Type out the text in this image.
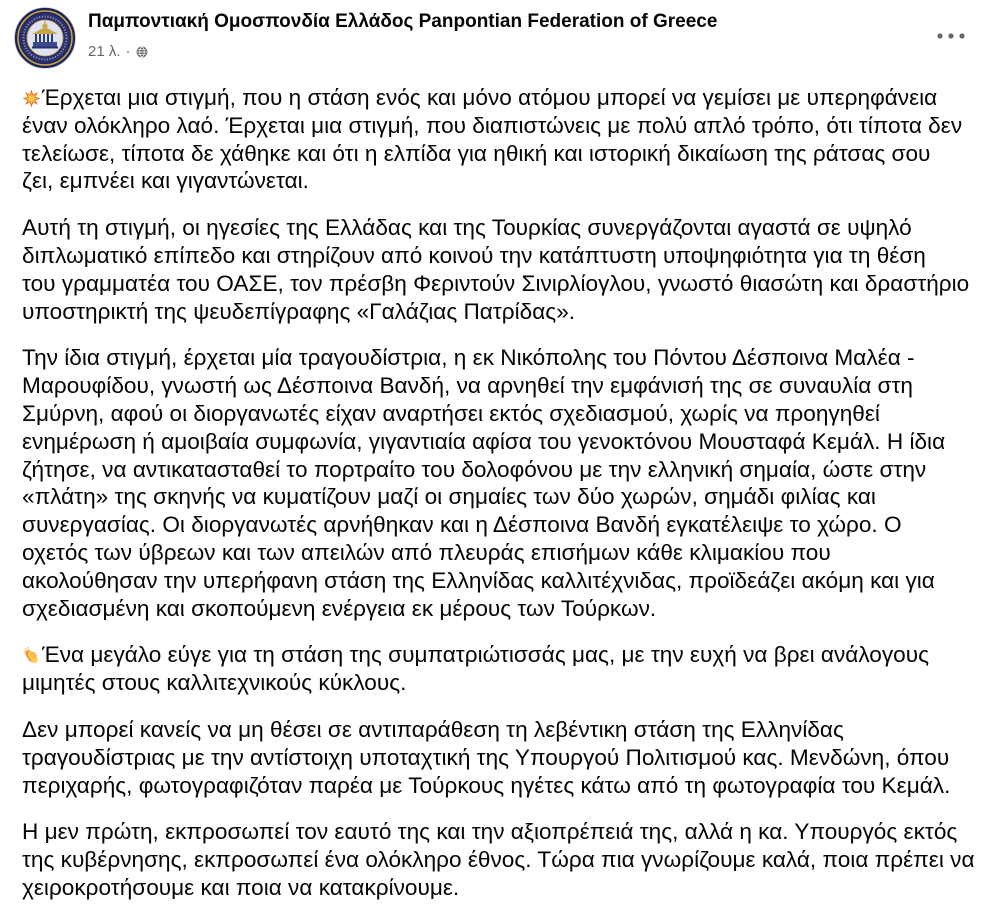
Παμποντιακή Ομοσπονδία Ελλάδος Panpontian Federation of Greece
21 λ. ·
Έρχεται μια στιγμή, που η στάση ενός και μόνο ατόμου μπορεί να γεμίσει με υπερηφάνεια
έναν ολόκληρο λαό. Έρχεται μια στιγμή, που διαπιστώνεις με πολύ απλό τρόπο, ότι τίποτα δεν
τελείωσε, τίποτα δε χάθηκε και ότι η ελπίδα για ηθική και ιστορική δικαίωση της ράτσας σου
ζει, εμπνέει και γιγαντώνεται.
Αυτή τη στιγμή, οι ηγεσίες της Ελλάδας και της Τουρκίας συνεργάζονται αγαστά σε υψηλό
διπλωματικό επίπεδο και στηρίζουν από κοινού την κατάπτυστη υποψηφιότητα για τη θέση
του γραμματέα του ΟΑΣΕ, τον πρέσβη Φεριντούν Σινιρλίογλου, γνωστό θιασώτη και δραστήριο
υποστηρικτή της ψευδεπίγραφης «Γαλάζιας Πατρίδας».
Την ίδια στιγμή, έρχεται μία τραγουδίστρια, η εκ Νικόπολης του Πόντου Δέσποινα Μαλέα -
Μαρουφίδου, γνωστή ως Δέσποινα Βανδή, να αρνηθεί την εμφάνισή της σε συναυλία στη
Σμύρνη, αφού οι διοργανωτές είχαν αναρτήσει εκτός σχεδιασμού, χωρίς να προηγηθεί
ενημέρωση ή αμοιβαία συμφωνία, γιγαντιαία αφίσα του γενοκτόνου Μουσταφά Κεμάλ. Η ίδια
ζήτησε, να αντικατασταθεί το πορτραίτο του δολοφόνου με την ελληνική σημαία, ώστε στην
«πλάτη» της σκηνής να κυματίζουν μαζί οι σημαίες των δύο χωρών, σημάδι φιλίας και
συνεργασίας. Οι διοργανωτές αρνήθηκαν και η Δέσποινα Βανδή εγκατέλειψε το χώρο. Ο
οχετός των ύβρεων και των απειλών από πλευράς επισήμων κάθε κλιμακίου που
ακολούθησαν την υπερήφανη στάση της Ελληνίδας καλλιτέχνιδας, προϊδεάζει ακόμη και για
σχεδιασμένη και σκοπούμενη ενέργεια εκ μέρους των Τούρκων.
Ένα μεγάλο εύγε για τη στάση της συμπατριώτισσάς μας, με την ευχή να βρει ανάλογους
μιμητές στους καλλιτεχνικούς κύκλους.
Δεν μπορεί κανείς να μη θέσει σε αντιπαράθεση τη λεβέντικη στάση της Ελληνίδας
τραγουδίστριας με την αντίστοιχη υποταχτική της Υπουργού Πολιτισμού κας. Μενδώνη, όπου
περιχαρής, φωτογραφιζόταν παρέα με Τούρκους ηγέτες κάτω από τη φωτογραφία του Κεμάλ.
Η μεν πρώτη, εκπροσωπεί τον εαυτό της και την αξιοπρέπειά της, αλλά η κα. Υπουργός εκτός
της κυβέρνησης, εκπροσωπεί ένα ολόκληρο έθνος. Τώρα πια γνωρίζουμε καλά, ποια πρέπει να
χειροκροτήσουμε και ποια να κατακρίνουμε.
